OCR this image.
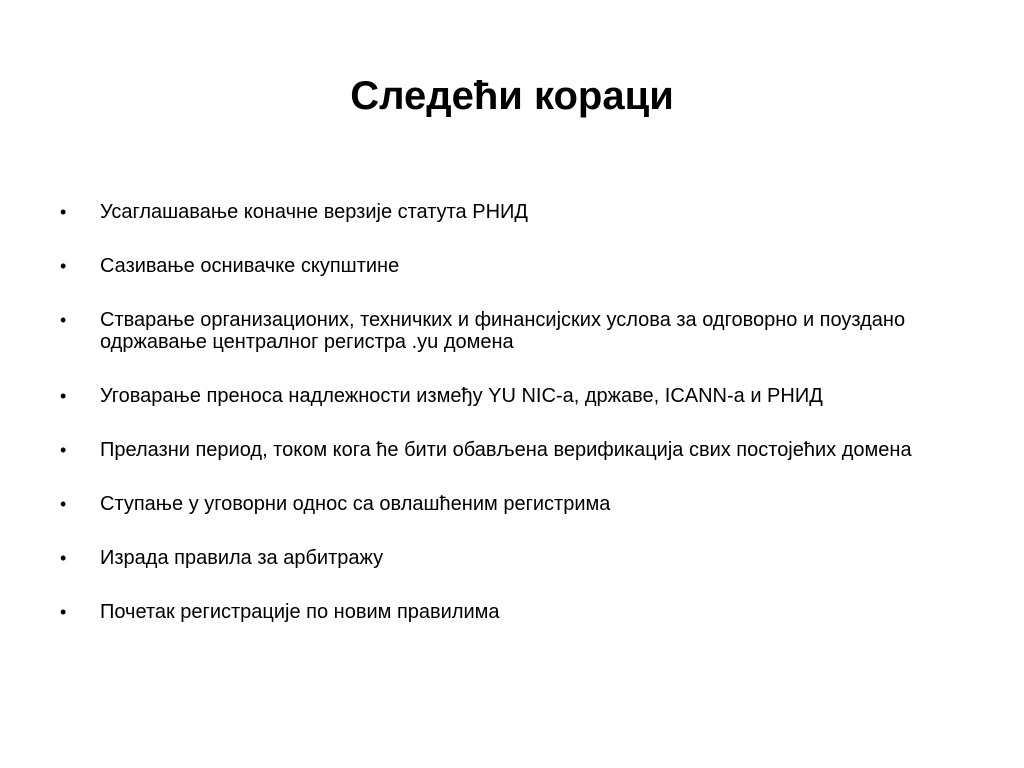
Следећи кораци
•	Усаглашавање коначне верзије статута РНИД
•	Сазивање оснивачке скупштине
•	Стварање организационих, техничких и финансијских услова за одговорно и поуздано одржавање централног регистра .yu домена
•	Уговарање преноса надлежности између YU NIC-а, државе, ICANN-а и РНИД
•	Прелазни период, током кога ће бити обављена верификација свих постојећих домена
•	Ступање у уговорни однос са овлашћеним регистрима
•	Израда правила за арбитражу
•	Почетак регистрације по новим правилима
